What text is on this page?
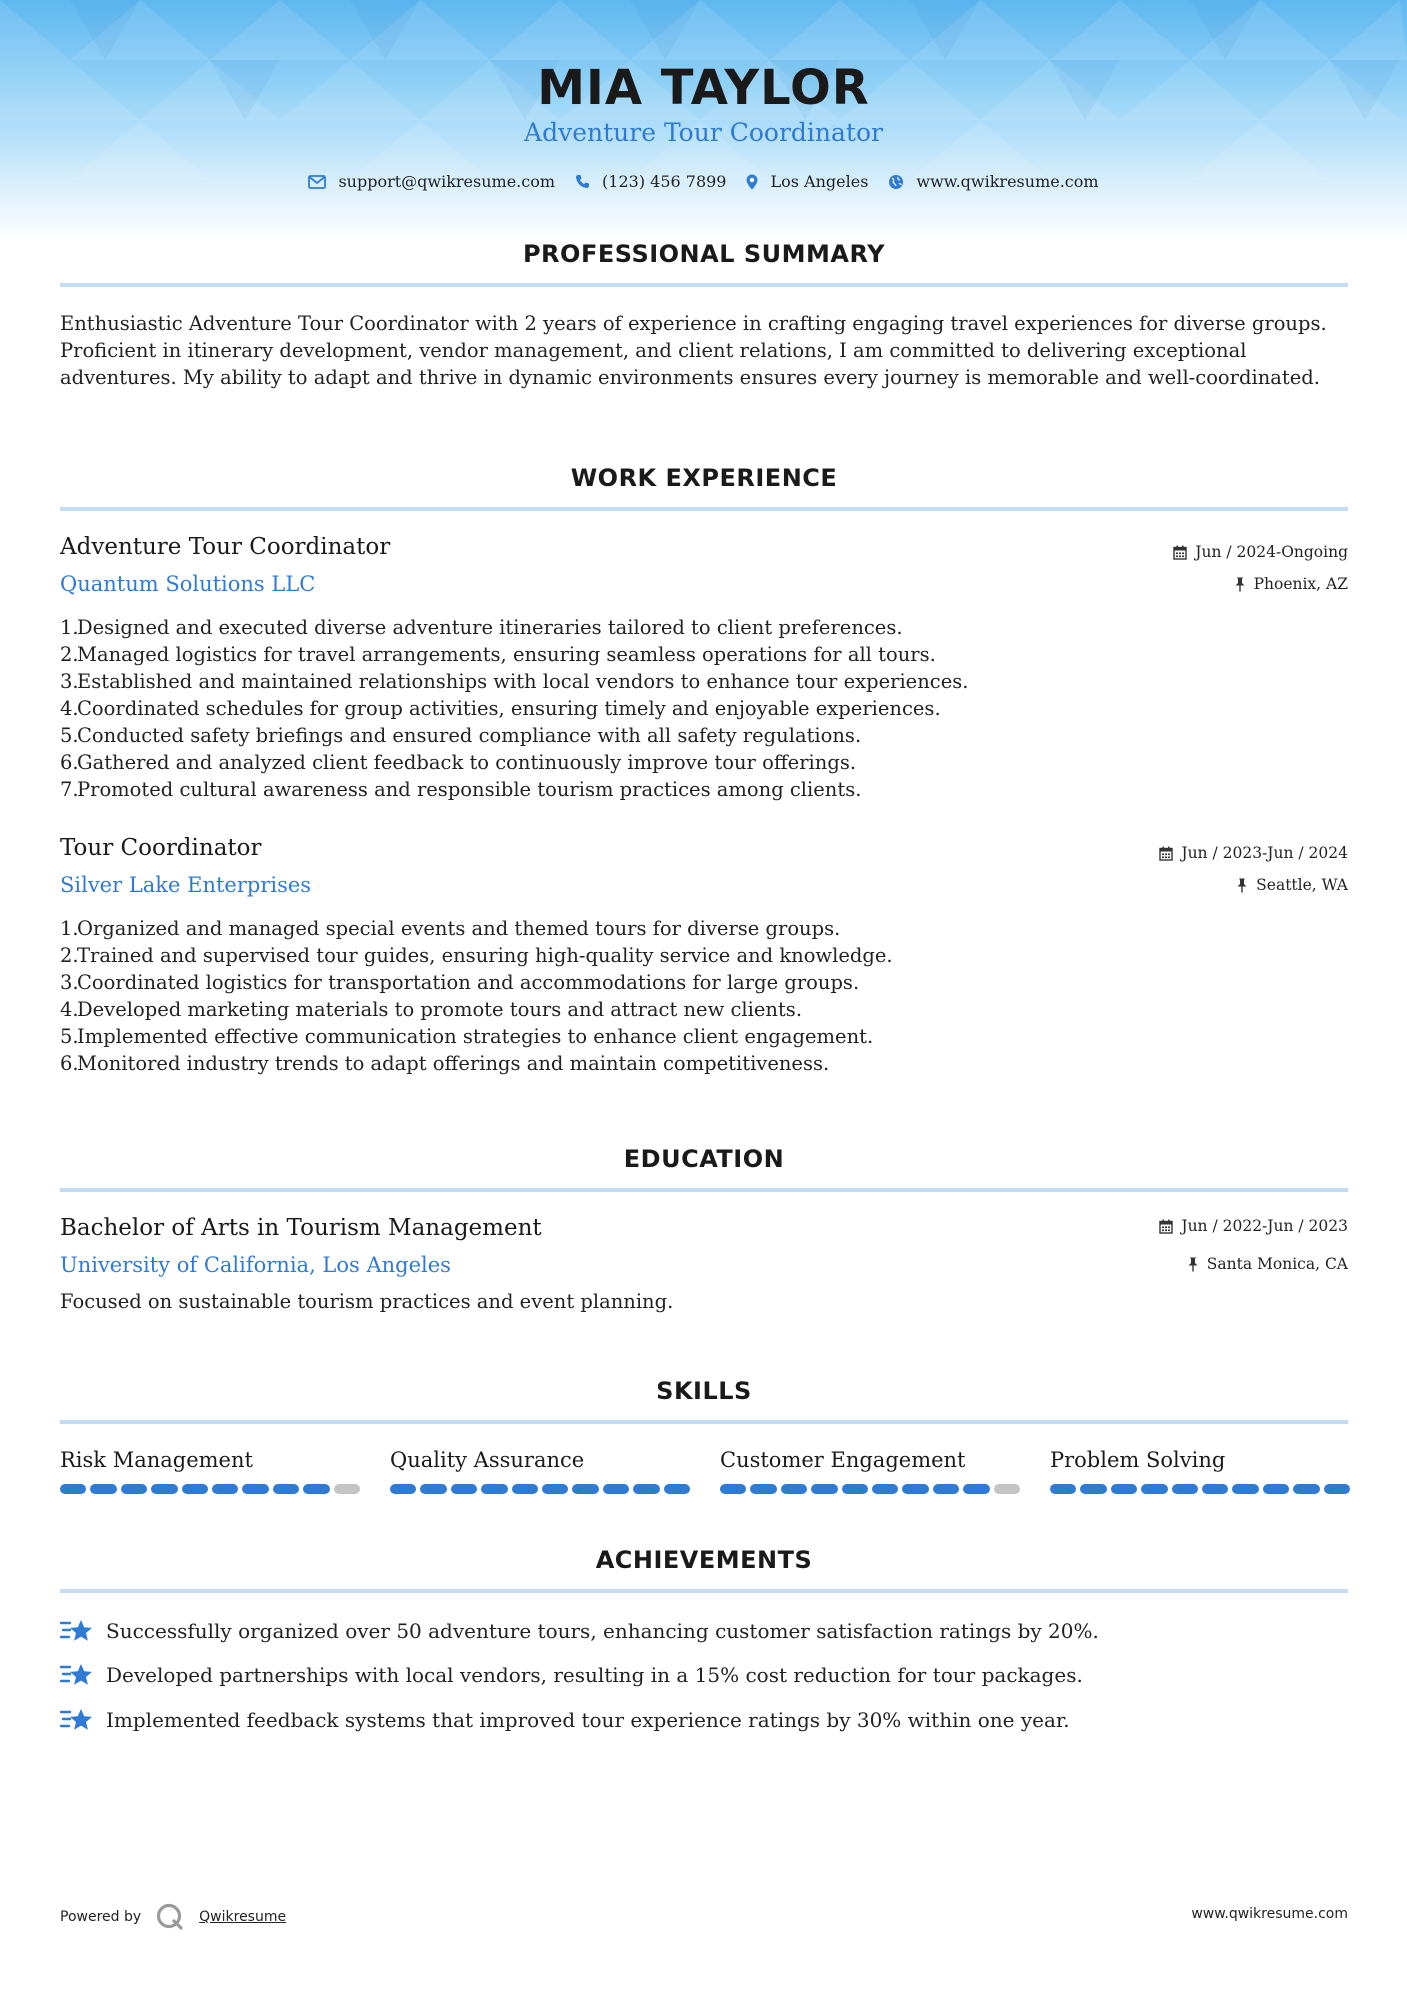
MIA TAYLOR
Adventure Tour Coordinator
support@qwikresume.com	(123) 456 7899	Los Angeles	www.qwikresume.com
PROFESSIONAL SUMMARY
Enthusiastic Adventure Tour Coordinator with 2 years of experience in crafting engaging travel experiences for diverse groups. Proficient in itinerary development, vendor management, and client relations, I am committed to delivering exceptional adventures. My ability to adapt and thrive in dynamic environments ensures every journey is memorable and well-coordinated.
WORK EXPERIENCE
Adventure Tour Coordinator
Quantum Solutions LLC
Jun / 2024-Ongoing
Phoenix, AZ
1.
Designed and executed diverse adventure itineraries tailored to client preferences.
2.
Managed logistics for travel arrangements, ensuring seamless operations for all tours.
3.
Established and maintained relationships with local vendors to enhance tour experiences.
4.
Coordinated schedules for group activities, ensuring timely and enjoyable experiences.
5.
Conducted safety briefings and ensured compliance with all safety regulations.
6.
Gathered and analyzed client feedback to continuously improve tour offerings.
7.
Promoted cultural awareness and responsible tourism practices among clients.
Tour Coordinator
Silver Lake Enterprises
Jun / 2023-Jun / 2024
Seattle, WA
1.
Organized and managed special events and themed tours for diverse groups.
2.
Trained and supervised tour guides, ensuring high-quality service and knowledge.
3.
Coordinated logistics for transportation and accommodations for large groups.
4.
Developed marketing materials to promote tours and attract new clients.
5.
Implemented effective communication strategies to enhance client engagement.
6.
Monitored industry trends to adapt offerings and maintain competitiveness.
EDUCATION
Bachelor of Arts in Tourism Management
University of California, Los Angeles
Jun / 2022-Jun / 2023
Santa Monica, CA
Focused on sustainable tourism practices and event planning.
SKILLS
Risk Management	Quality Assurance	Customer Engagement	Problem Solving
ACHIEVEMENTS
Successfully organized over 50 adventure tours, enhancing customer satisfaction ratings by 20%.
Developed partnerships with local vendors, resulting in a 15% cost reduction for tour packages.
Implemented feedback systems that improved tour experience ratings by 30% within one year.
Powered by	Qwikresume	www.qwikresume.com
